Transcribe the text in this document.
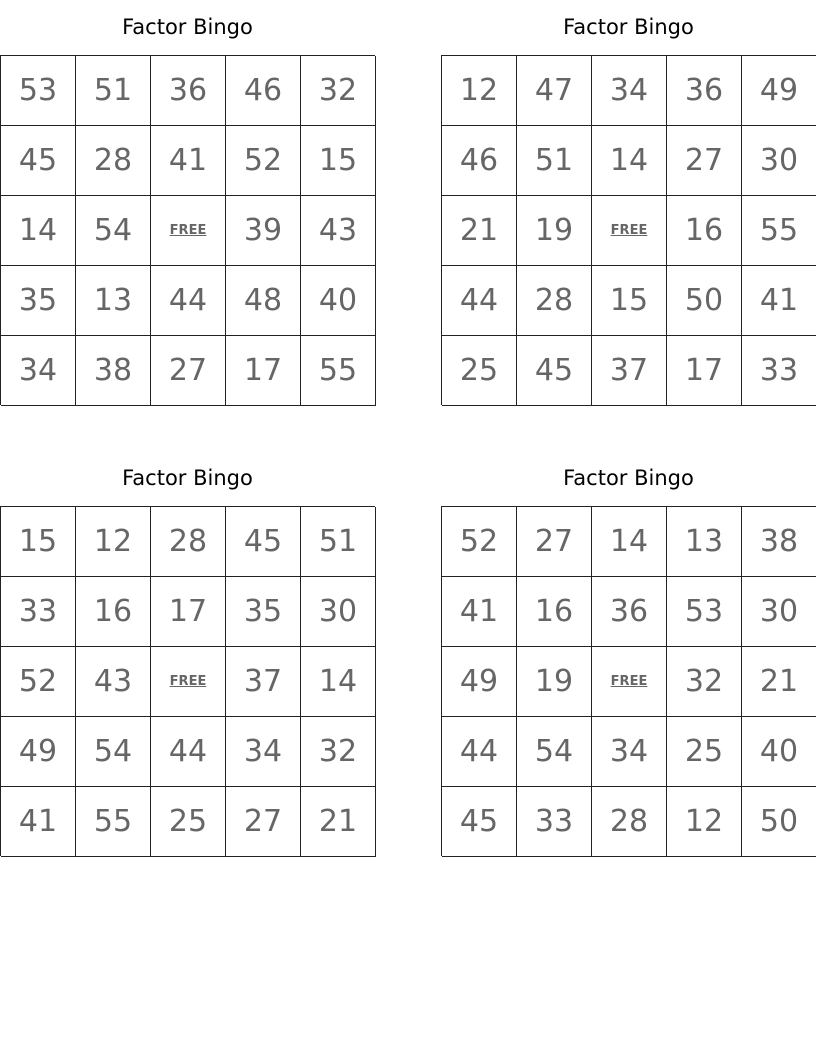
Factor Bingo
53	51	36	46	32
45	28	41	52	15
14	54	FREE	39	43
35	13	44	48	40
34	38	27	17	55
Factor Bingo
12	47	34	36	49
46	51	14	27	30
21	19	FREE	16	55
44	28	15	50	41
25	45	37	17	33
Factor Bingo
15	12	28	45	51
33	16	17	35	30
52	43	FREE	37	14
49	54	44	34	32
41	55	25	27	21
Factor Bingo
52	27	14	13	38
41	16	36	53	30
49	19	FREE	32	21
44	54	34	25	40
45	33	28	12	50
